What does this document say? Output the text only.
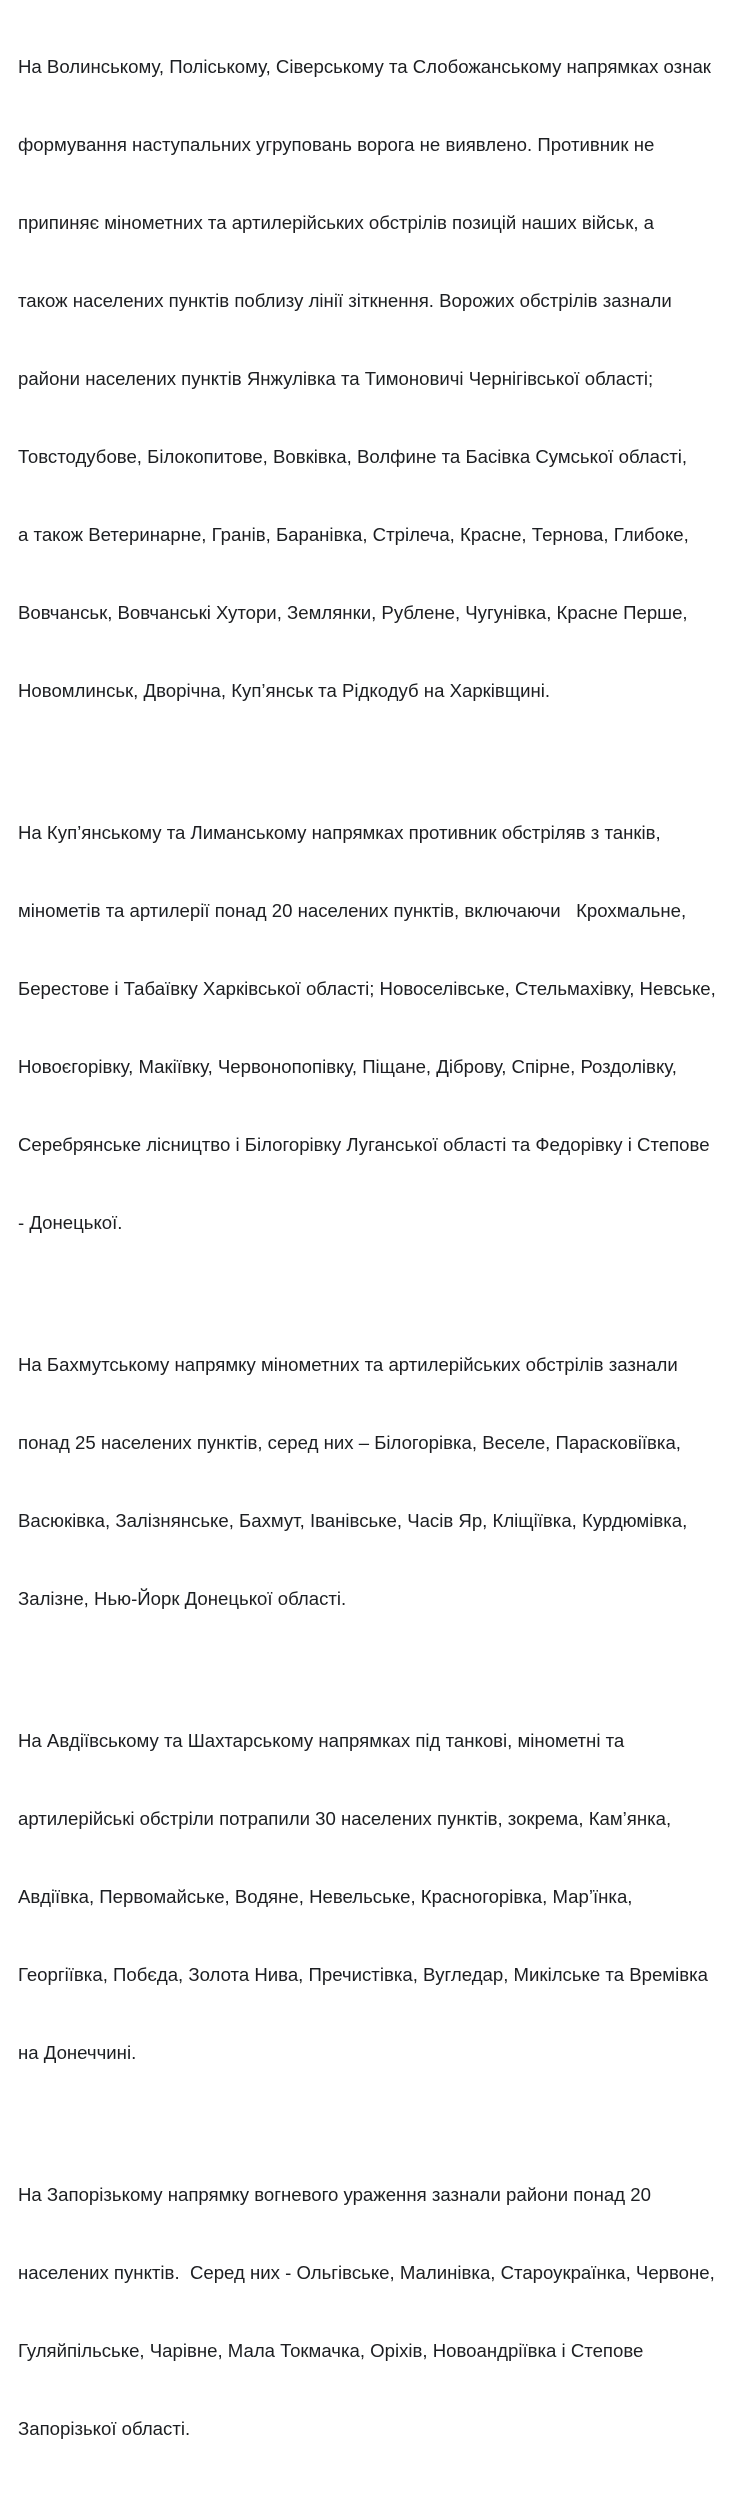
На Волинському, Поліському, Сіверському та Слобожанському напрямках ознак

формування наступальних угруповань ворога не виявлено. Противник не

припиняє мінометних та артилерійських обстрілів позицій наших військ, а

також населених пунктів поблизу лінії зіткнення. Ворожих обстрілів зазнали

райони населених пунктів Янжулівка та Тимоновичі Чернігівської області;

Товстодубове, Білокопитове, Вовківка, Волфине та Басівка Сумської області,

а також Ветеринарне, Гранів, Баранівка, Стрілеча, Красне, Тернова, Глибоке,

Вовчанськ, Вовчанські Хутори, Землянки, Рублене, Чугунівка, Красне Перше,

Новомлинськ, Дворічна, Куп’янськ та Рідкодуб на Харківщині.

На Куп’янському та Лиманському напрямках противник обстріляв з танків,

мінометів та артилерії понад 20 населених пунктів, включаючи   Крохмальне,

Берестове і Табаївку Харківської області; Новоселівське, Стельмахівку, Невське,

Новоєгорівку, Макіївку, Червонопопівку, Піщане, Діброву, Спірне, Роздолівку,

Серебрянське лісництво і Білогорівку Луганської області та Федорівку і Степове

- Донецької.

На Бахмутському напрямку мінометних та артилерійських обстрілів зазнали

понад 25 населених пунктів, серед них – Білогорівка, Веселе, Парасковіївка,

Васюківка, Залізнянське, Бахмут, Іванівське, Часів Яр, Кліщіївка, Курдюмівка,

Залізне, Нью-Йорк Донецької області.

На Авдіївському та Шахтарському напрямках під танкові, мінометні та

артилерійські обстріли потрапили 30 населених пунктів, зокрема, Кам’янка,

Авдіївка, Первомайське, Водяне, Невельське, Красногорівка, Мар’їнка,

Георгіївка, Побєда, Золота Нива, Пречистівка, Вугледар, Микілське та Времівка

на Донеччині.

На Запорізькому напрямку вогневого ураження зазнали райони понад 20

населених пунктів.  Серед них - Ольгівське, Малинівка, Староукраїнка, Червоне,

Гуляйпільське, Чарівне, Мала Токмачка, Оріхів, Новоандріївка і Степове

Запорізької області.
